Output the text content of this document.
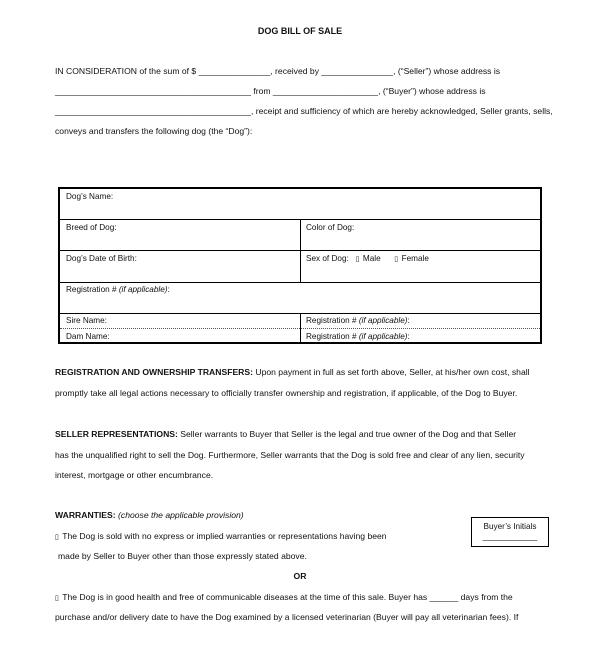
DOG BILL OF SALE
IN CONSIDERATION of the sum of $ _______________, received by _______________, (“Seller”) whose address is
_________________________________________ from ______________________, (“Buyer”) whose address is
_________________________________________, receipt and sufficiency of which are hereby acknowledged, Seller grants, sells,
conveys and transfers the following dog (the “Dog”):
Dog’s Name:
Breed of Dog:	Color of Dog:
Dog’s Date of Birth:	Sex of Dog: ▯ Male ▯ Female
Registration # (if applicable):
Sire Name:	Registration # (if applicable):
Dam Name:	Registration # (if applicable):
REGISTRATION AND OWNERSHIP TRANSFERS: Upon payment in full as set forth above, Seller, at his/her own cost, shall
promptly take all legal actions necessary to officially transfer ownership and registration, if applicable, of the Dog to Buyer.
SELLER REPRESENTATIONS: Seller warrants to Buyer that Seller is the legal and true owner of the Dog and that Seller
has the unqualified right to sell the Dog. Furthermore, Seller warrants that the Dog is sold free and clear of any lien, security
interest, mortgage or other encumbrance.
WARRANTIES: (choose the applicable provision)
▯ The Dog is sold with no express or implied warranties or representations having been
made by Seller to Buyer other than those expressly stated above.
Buyer’s Initials
____________
OR
▯ The Dog is in good health and free of communicable diseases at the time of this sale. Buyer has ______ days from the
purchase and/or delivery date to have the Dog examined by a licensed veterinarian (Buyer will pay all veterinarian fees). If
